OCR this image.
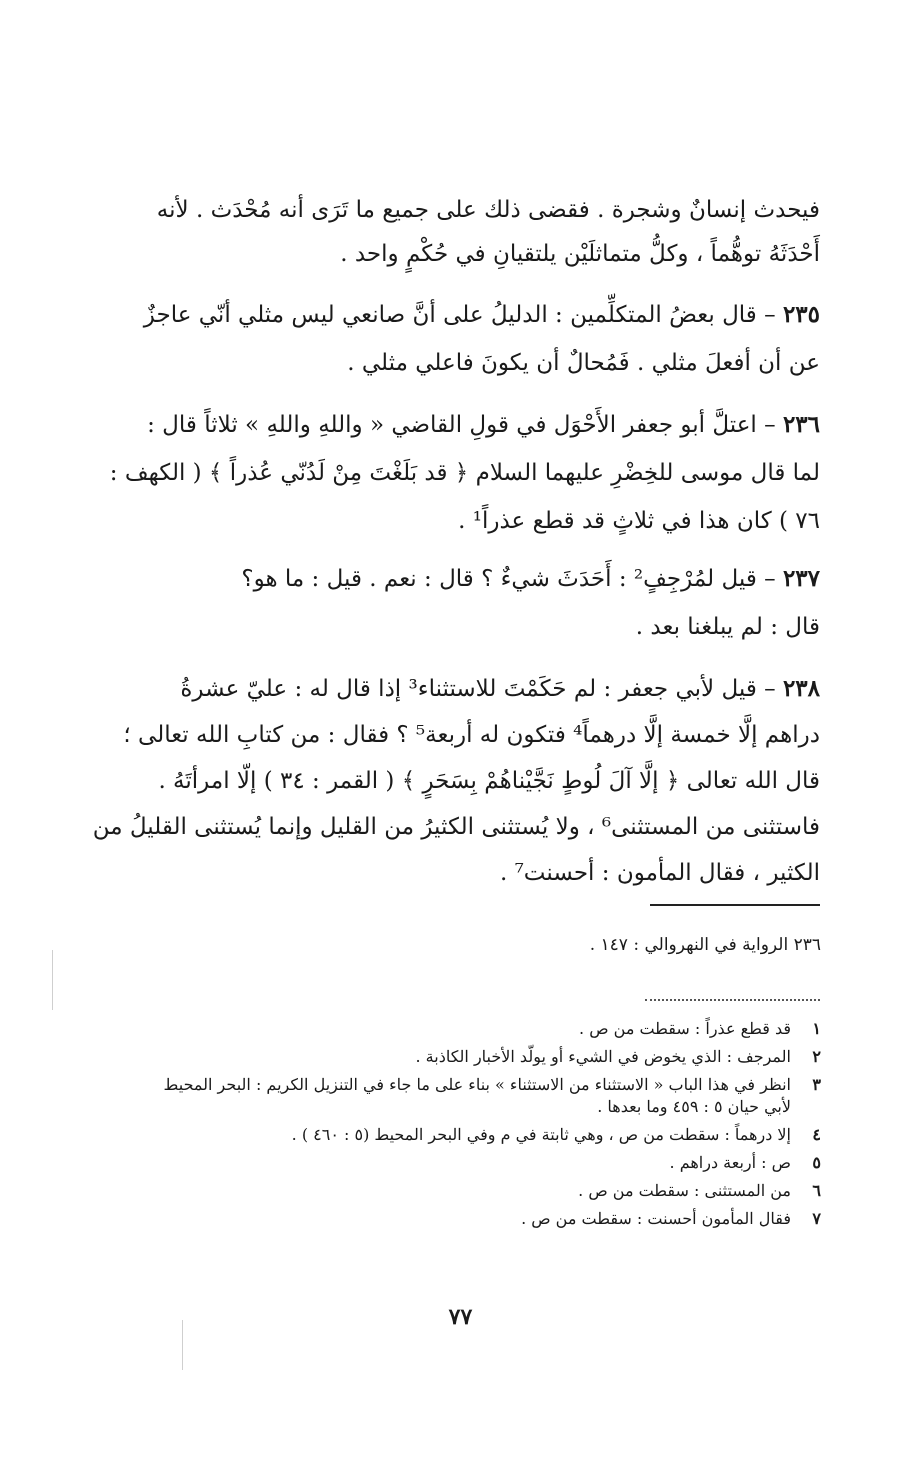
فيحدث إنسانٌ وشجرة . فقضى ذلك على جميع ما تَرَى أنه مُحْدَث . لأنه
أَحْدَثَهُ توهُّماً ، وكلُّ متماثلَيْن يلتقيانِ في حُكْمٍ واحد .
٢٣٥ – قال بعضُ المتكلِّمين : الدليلُ على أنَّ صانعي ليس مثلي أنّي عاجزٌ
عن أن أفعلَ مثلي . فَمُحالٌ أن يكونَ فاعلي مثلي .
٢٣٦ – اعتلَّ أبو جعفر الأَحْوَل في قولِ القاضي « واللهِ واللهِ » ثلاثاً قال :
لما قال موسى للخِضْرِ عليهما السلام ﴿ قد بَلَغْتَ مِنْ لَدُنّي عُذراً ﴾ ( الكهف :
٧٦ ) كان هذا في ثلاثٍ قد قطع عذراً¹ .
٢٣٧ – قيل لمُرْجِفٍ² : أَحَدَثَ شيءٌ ؟ قال : نعم . قيل : ما هو؟
قال : لم يبلغنا بعد .
٢٣٨ – قيل لأبي جعفر : لم حَكَمْتَ للاستثناء³ إذا قال له : عليّ عشرةُ
دراهم إلَّا خمسة إلَّا درهماً⁴ فتكون له أربعة⁵ ؟ فقال : من كتابِ الله تعالى ؛
قال الله تعالى ﴿ إلَّا آلَ لُوطٍ نَجَّيْناهُمْ بِسَحَرٍ ﴾ ( القمر : ٣٤ ) إلّا امرأتَهُ .
فاستثنى من المستثنى⁶ ، ولا يُستثنى الكثيرُ من القليل وإنما يُستثنى القليلُ من
الكثير ، فقال المأمون : أحسنت⁷ .
٢٣٦ الرواية في النهروالي : ١٤٧ .
١
قد قطع عذراً : سقطت من ص .
٢
المرجف : الذي يخوض في الشيء أو يولّد الأخبار الكاذبة .
٣
انظر في هذا الباب « الاستثناء من الاستثناء » بناء على ما جاء في التنزيل الكريم : البحر المحيط لأبي حيان ٥ : ٤٥٩ وما بعدها .
٤
إلا درهماً : سقطت من ص ، وهي ثابتة في م وفي البحر المحيط (٥ : ٤٦٠ ) .
٥
ص : أربعة دراهم .
٦
من المستثنى : سقطت من ص .
٧
فقال المأمون أحسنت : سقطت من ص .
٧٧
